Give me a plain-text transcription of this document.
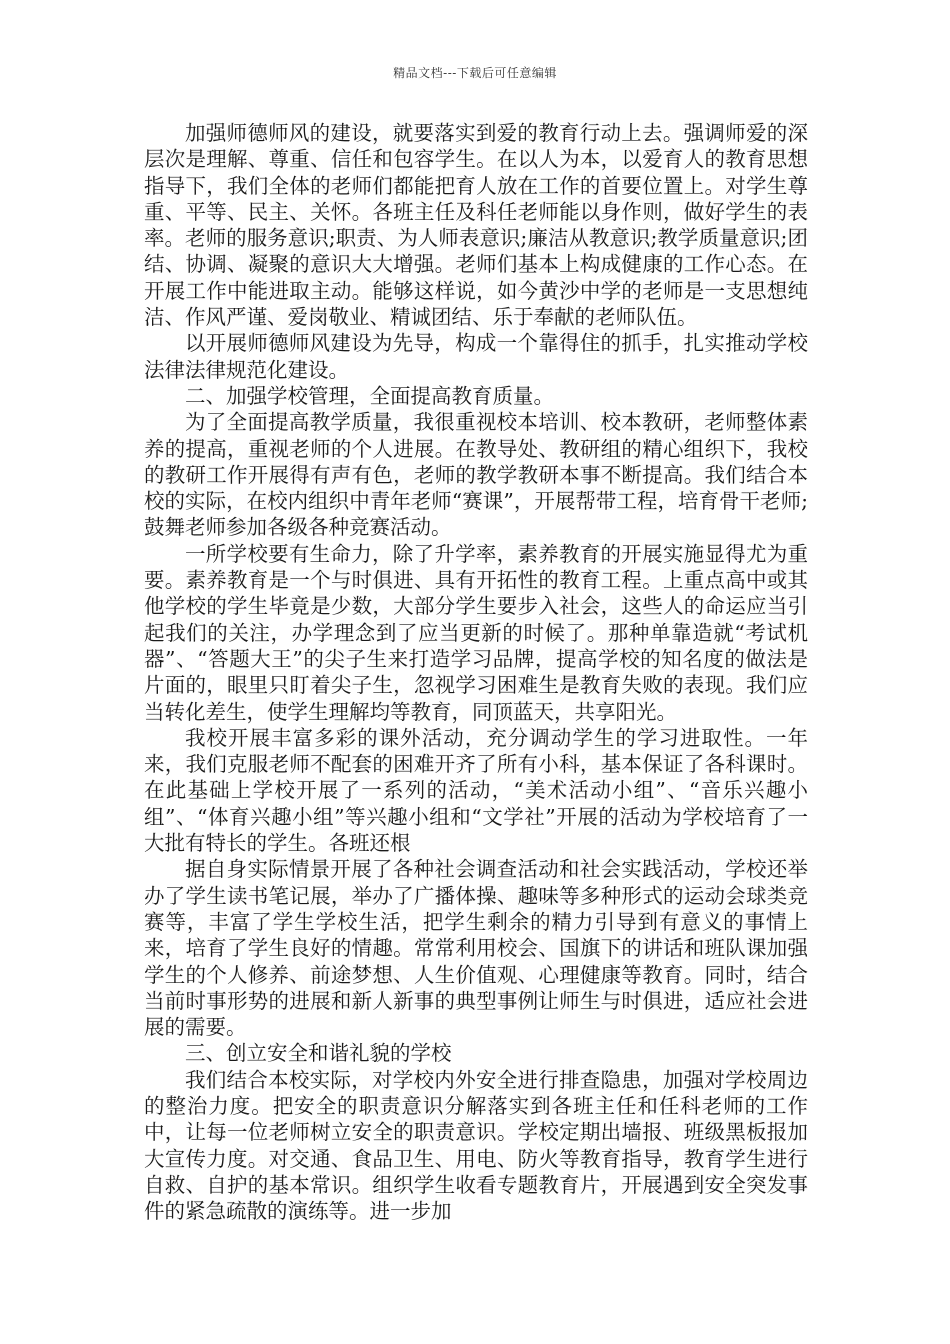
精品文档---下载后可任意编辑

加强师德师风的建设，就要落实到爱的教育行动上去。强调师爱的深层次是理解、尊重、信任和包容学生。在以人为本，以爱育人的教育思想指导下，我们全体的老师们都能把育人放在工作的首要位置上。对学生尊重、平等、民主、关怀。各班主任及科任老师能以身作则，做好学生的表率。老师的服务意识;职责、为人师表意识;廉洁从教意识;教学质量意识;团结、协调、凝聚的意识大大增强。老师们基本上构成健康的工作心态。在开展工作中能进取主动。能够这样说，如今黄沙中学的老师是一支思想纯洁、作风严谨、爱岗敬业、精诚团结、乐于奉献的老师队伍。

以开展师德师风建设为先导，构成一个靠得住的抓手，扎实推动学校法律法律规范化建设。

二、加强学校管理，全面提高教育质量。

为了全面提高教学质量，我很重视校本培训、校本教研，老师整体素养的提高，重视老师的个人进展。在教导处、教研组的精心组织下，我校的教研工作开展得有声有色，老师的教学教研本事不断提高。我们结合本校的实际，在校内组织中青年老师“赛课”，开展帮带工程，培育骨干老师;鼓舞老师参加各级各种竞赛活动。

一所学校要有生命力，除了升学率，素养教育的开展实施显得尤为重要。素养教育是一个与时俱进、具有开拓性的教育工程。上重点高中或其他学校的学生毕竟是少数，大部分学生要步入社会，这些人的命运应当引起我们的关注，办学理念到了应当更新的时候了。那种单靠造就“考试机器”、“答题大王”的尖子生来打造学习品牌，提高学校的知名度的做法是片面的，眼里只盯着尖子生，忽视学习困难生是教育失败的表现。我们应当转化差生，使学生理解均等教育，同顶蓝天，共享阳光。

我校开展丰富多彩的课外活动，充分调动学生的学习进取性。一年来，我们克服老师不配套的困难开齐了所有小科，基本保证了各科课时。在此基础上学校开展了一系列的活动，“美术活动小组”、“音乐兴趣小组”、“体育兴趣小组”等兴趣小组和“文学社”开展的活动为学校培育了一大批有特长的学生。各班还根

据自身实际情景开展了各种社会调查活动和社会实践活动，学校还举办了学生读书笔记展，举办了广播体操、趣味等多种形式的运动会球类竞赛等，丰富了学生学校生活，把学生剩余的精力引导到有意义的事情上来，培育了学生良好的情趣。常常利用校会、国旗下的讲话和班队课加强学生的个人修养、前途梦想、人生价值观、心理健康等教育。同时，结合当前时事形势的进展和新人新事的典型事例让师生与时俱进，适应社会进展的需要。

三、创立安全和谐礼貌的学校

我们结合本校实际，对学校内外安全进行排查隐患，加强对学校周边的整治力度。把安全的职责意识分解落实到各班主任和任科老师的工作中，让每一位老师树立安全的职责意识。学校定期出墙报、班级黑板报加大宣传力度。对交通、食品卫生、用电、防火等教育指导，教育学生进行自救、自护的基本常识。组织学生收看专题教育片，开展遇到安全突发事件的紧急疏散的演练等。进一步加
